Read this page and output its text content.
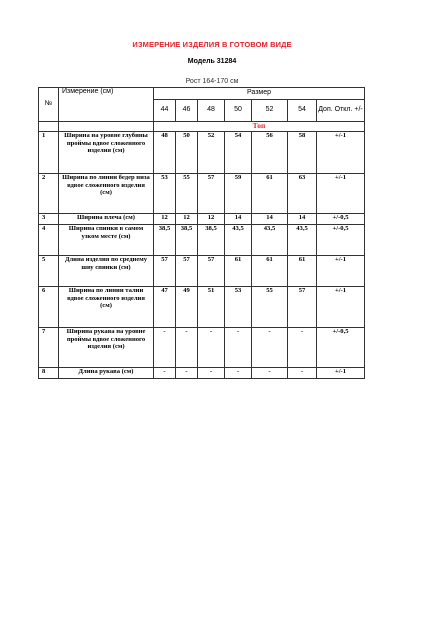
ИЗМЕРЕНИЕ ИЗДЕЛИЯ В ГОТОВОМ ВИДЕ
Модель 31284
Рост 164-170 см
№	Измерение (см)	Размер						
		44	46	48	50	52	54	Доп. Откл. +/-
		Топ						
1	Ширина на уровне глубины проймы вдвое сложенного изделия (см)	48	50	52	54	56	58	+/-1
2	Ширина по линии бедер низа вдвое сложенного изделия (см)	53	55	57	59	61	63	+/-1
3	Ширина плеча (см)	12	12	12	14	14	14	+/-0,5
4	Ширина спинки в самом узком месте (см)	38,5	38,5	38,5	43,5	43,5	43,5	+/-0,5
5	Длина изделия по среднему шву спинки (см)	57	57	57	61	61	61	+/-1
6	Ширина по линии талии вдвое сложенного изделия (см)	47	49	51	53	55	57	+/-1
7	Ширина рукава на уровне проймы вдвое сложенного изделия (см)	-	-	-	-	-	-	+/-0,5
8	Длина рукава (см)	-	-	-	-	-	-	+/-1
